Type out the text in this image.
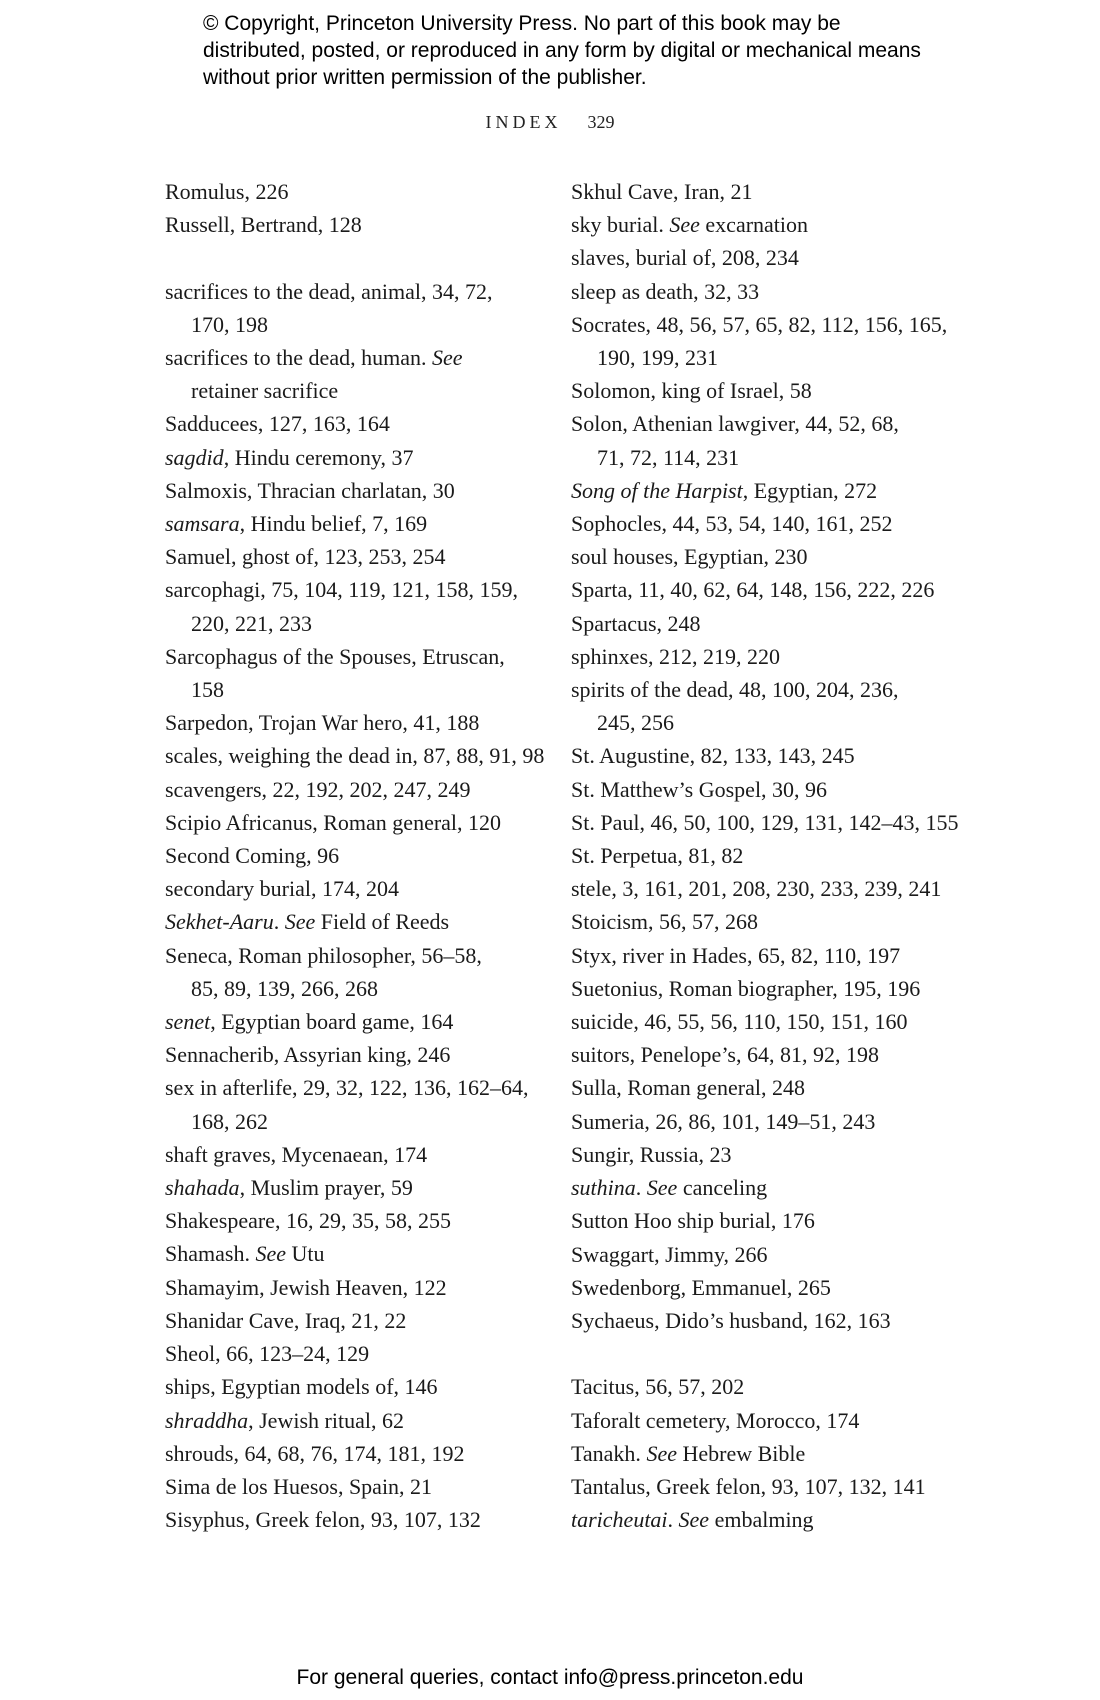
© Copyright, Princeton University Press. No part of this book may be distributed, posted, or reproduced in any form by digital or mechanical means without prior written permission of the publisher.
INDEX 329
Romulus, 226
Russell, Bertrand, 128
sacrifices to the dead, animal, 34, 72,
170, 198
sacrifices to the dead, human. See
retainer sacrifice
Sadducees, 127, 163, 164
sagdid, Hindu ceremony, 37
Salmoxis, Thracian charlatan, 30
samsara, Hindu belief, 7, 169
Samuel, ghost of, 123, 253, 254
sarcophagi, 75, 104, 119, 121, 158, 159,
220, 221, 233
Sarcophagus of the Spouses, Etruscan,
158
Sarpedon, Trojan War hero, 41, 188
scales, weighing the dead in, 87, 88, 91, 98
scavengers, 22, 192, 202, 247, 249
Scipio Africanus, Roman general, 120
Second Coming, 96
secondary burial, 174, 204
Sekhet-Aaru. See Field of Reeds
Seneca, Roman philosopher, 56–58,
85, 89, 139, 266, 268
senet, Egyptian board game, 164
Sennacherib, Assyrian king, 246
sex in afterlife, 29, 32, 122, 136, 162–64,
168, 262
shaft graves, Mycenaean, 174
shahada, Muslim prayer, 59
Shakespeare, 16, 29, 35, 58, 255
Shamash. See Utu
Shamayim, Jewish Heaven, 122
Shanidar Cave, Iraq, 21, 22
Sheol, 66, 123–24, 129
ships, Egyptian models of, 146
shraddha, Jewish ritual, 62
shrouds, 64, 68, 76, 174, 181, 192
Sima de los Huesos, Spain, 21
Sisyphus, Greek felon, 93, 107, 132
Skhul Cave, Iran, 21
sky burial. See excarnation
slaves, burial of, 208, 234
sleep as death, 32, 33
Socrates, 48, 56, 57, 65, 82, 112, 156, 165,
190, 199, 231
Solomon, king of Israel, 58
Solon, Athenian lawgiver, 44, 52, 68,
71, 72, 114, 231
Song of the Harpist, Egyptian, 272
Sophocles, 44, 53, 54, 140, 161, 252
soul houses, Egyptian, 230
Sparta, 11, 40, 62, 64, 148, 156, 222, 226
Spartacus, 248
sphinxes, 212, 219, 220
spirits of the dead, 48, 100, 204, 236,
245, 256
St. Augustine, 82, 133, 143, 245
St. Matthew’s Gospel, 30, 96
St. Paul, 46, 50, 100, 129, 131, 142–43, 155
St. Perpetua, 81, 82
stele, 3, 161, 201, 208, 230, 233, 239, 241
Stoicism, 56, 57, 268
Styx, river in Hades, 65, 82, 110, 197
Suetonius, Roman biographer, 195, 196
suicide, 46, 55, 56, 110, 150, 151, 160
suitors, Penelope’s, 64, 81, 92, 198
Sulla, Roman general, 248
Sumeria, 26, 86, 101, 149–51, 243
Sungir, Russia, 23
suthina. See canceling
Sutton Hoo ship burial, 176
Swaggart, Jimmy, 266
Swedenborg, Emmanuel, 265
Sychaeus, Dido’s husband, 162, 163
Tacitus, 56, 57, 202
Taforalt cemetery, Morocco, 174
Tanakh. See Hebrew Bible
Tantalus, Greek felon, 93, 107, 132, 141
taricheutai. See embalming
For general queries, contact info@press.princeton.edu
